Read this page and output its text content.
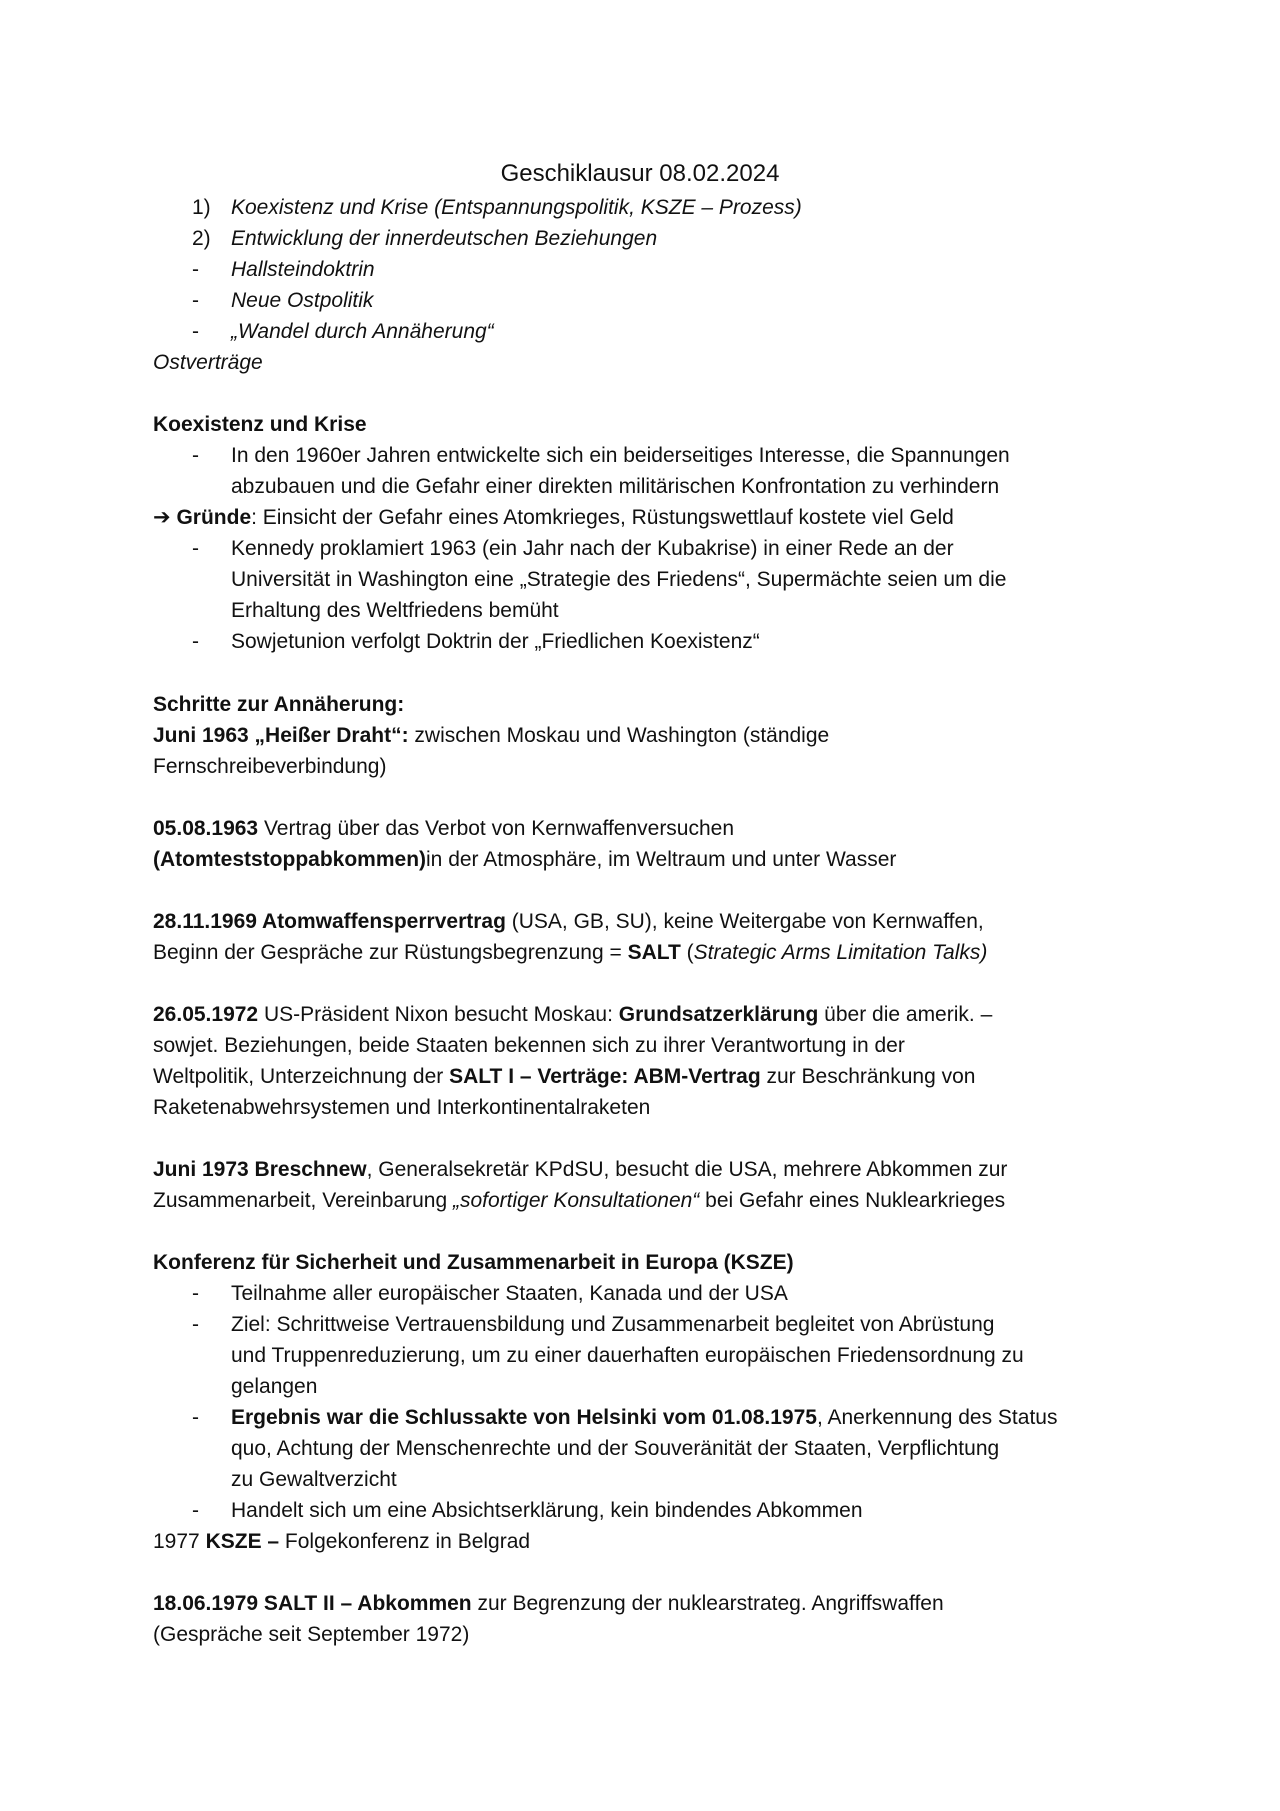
Geschiklausur 08.02.2024
1) Koexistenz und Krise (Entspannungspolitik, KSZE – Prozess)
2) Entwicklung der innerdeutschen Beziehungen
- Hallsteindoktrin
- Neue Ostpolitik
- „Wandel durch Annäherung“
Ostverträge
Koexistenz und Krise
- In den 1960er Jahren entwickelte sich ein beiderseitiges Interesse, die Spannungen
abzubauen und die Gefahr einer direkten militärischen Konfrontation zu verhindern
➔ Gründe: Einsicht der Gefahr eines Atomkrieges, Rüstungswettlauf kostete viel Geld
- Kennedy proklamiert 1963 (ein Jahr nach der Kubakrise) in einer Rede an der
Universität in Washington eine „Strategie des Friedens“, Supermächte seien um die
Erhaltung des Weltfriedens bemüht
- Sowjetunion verfolgt Doktrin der „Friedlichen Koexistenz“
Schritte zur Annäherung:
Juni 1963 „Heißer Draht“: zwischen Moskau und Washington (ständige
Fernschreibeverbindung)
05.08.1963 Vertrag über das Verbot von Kernwaffenversuchen
(Atomteststoppabkommen)in der Atmosphäre, im Weltraum und unter Wasser
28.11.1969 Atomwaffensperrvertrag (USA, GB, SU), keine Weitergabe von Kernwaffen,
Beginn der Gespräche zur Rüstungsbegrenzung = SALT (Strategic Arms Limitation Talks)
26.05.1972 US-Präsident Nixon besucht Moskau: Grundsatzerklärung über die amerik. –
sowjet. Beziehungen, beide Staaten bekennen sich zu ihrer Verantwortung in der
Weltpolitik, Unterzeichnung der SALT I – Verträge: ABM-Vertrag zur Beschränkung von
Raketenabwehrsystemen und Interkontinentalraketen
Juni 1973 Breschnew, Generalsekretär KPdSU, besucht die USA, mehrere Abkommen zur
Zusammenarbeit, Vereinbarung „sofortiger Konsultationen“ bei Gefahr eines Nuklearkrieges
Konferenz für Sicherheit und Zusammenarbeit in Europa (KSZE)
- Teilnahme aller europäischer Staaten, Kanada und der USA
- Ziel: Schrittweise Vertrauensbildung und Zusammenarbeit begleitet von Abrüstung
und Truppenreduzierung, um zu einer dauerhaften europäischen Friedensordnung zu
gelangen
- Ergebnis war die Schlussakte von Helsinki vom 01.08.1975, Anerkennung des Status
quo, Achtung der Menschenrechte und der Souveränität der Staaten, Verpflichtung
zu Gewaltverzicht
- Handelt sich um eine Absichtserklärung, kein bindendes Abkommen
1977 KSZE – Folgekonferenz in Belgrad
18.06.1979 SALT II – Abkommen zur Begrenzung der nuklearstrateg. Angriffswaffen
(Gespräche seit September 1972)
